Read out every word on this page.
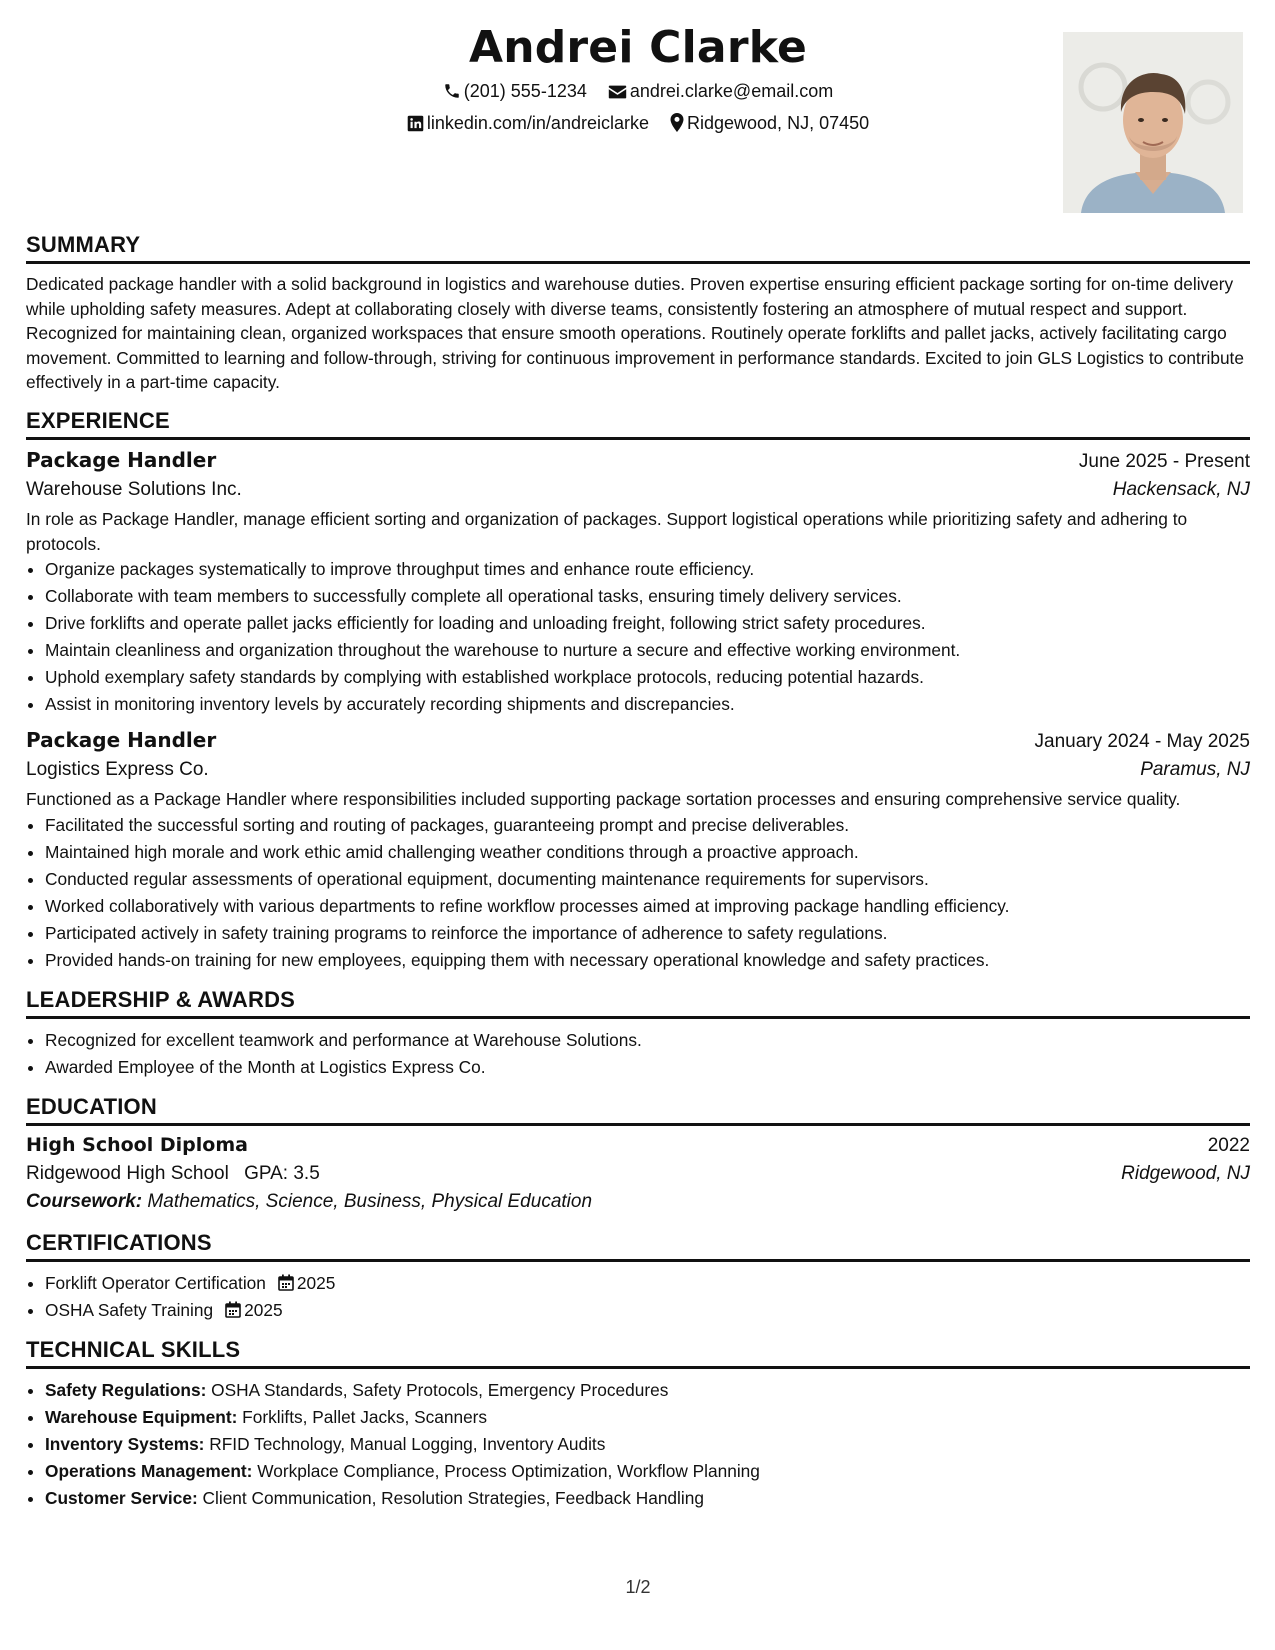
Andrei Clarke
(201) 555-1234 andrei.clarke@email.com
linkedin.com/in/andreiclarke Ridgewood, NJ, 07450
SUMMARY

Dedicated package handler with a solid background in logistics and warehouse duties. Proven expertise ensuring efficient package sorting for on-time delivery while upholding safety measures. Adept at collaborating closely with diverse teams, consistently fostering an atmosphere of mutual respect and support. Recognized for maintaining clean, organized workspaces that ensure smooth operations. Routinely operate forklifts and pallet jacks, actively facilitating cargo movement. Committed to learning and follow-through, striving for continuous improvement in performance standards. Excited to join GLS Logistics to contribute effectively in a part-time capacity.

EXPERIENCE
Package Handler	June 2025 - Present
Warehouse Solutions Inc.	Hackensack, NJ

In role as Package Handler, manage efficient sorting and organization of packages. Support logistical operations while prioritizing safety and adhering to protocols.

• Organize packages systematically to improve throughput times and enhance route efficiency.
• Collaborate with team members to successfully complete all operational tasks, ensuring timely delivery services.
• Drive forklifts and operate pallet jacks efficiently for loading and unloading freight, following strict safety procedures.
• Maintain cleanliness and organization throughout the warehouse to nurture a secure and effective working environment.
• Uphold exemplary safety standards by complying with established workplace protocols, reducing potential hazards.
• Assist in monitoring inventory levels by accurately recording shipments and discrepancies.
Package Handler	January 2024 - May 2025
Logistics Express Co.	Paramus, NJ

Functioned as a Package Handler where responsibilities included supporting package sortation processes and ensuring comprehensive service quality.

• Facilitated the successful sorting and routing of packages, guaranteeing prompt and precise deliverables.
• Maintained high morale and work ethic amid challenging weather conditions through a proactive approach.
• Conducted regular assessments of operational equipment, documenting maintenance requirements for supervisors.
• Worked collaboratively with various departments to refine workflow processes aimed at improving package handling efficiency.
• Participated actively in safety training programs to reinforce the importance of adherence to safety regulations.
• Provided hands-on training for new employees, equipping them with necessary operational knowledge and safety practices.
LEADERSHIP & AWARDS
• Recognized for excellent teamwork and performance at Warehouse Solutions.
• Awarded Employee of the Month at Logistics Express Co.
EDUCATION
High School Diploma	2022
Ridgewood High School GPA: 3.5	Ridgewood, NJ
Coursework: Mathematics, Science, Business, Physical Education
CERTIFICATIONS
• Forklift Operator Certification 2025
• OSHA Safety Training 2025
TECHNICAL SKILLS
• Safety Regulations: OSHA Standards, Safety Protocols, Emergency Procedures
• Warehouse Equipment: Forklifts, Pallet Jacks, Scanners
• Inventory Systems: RFID Technology, Manual Logging, Inventory Audits
• Operations Management: Workplace Compliance, Process Optimization, Workflow Planning
• Customer Service: Client Communication, Resolution Strategies, Feedback Handling
1/2
